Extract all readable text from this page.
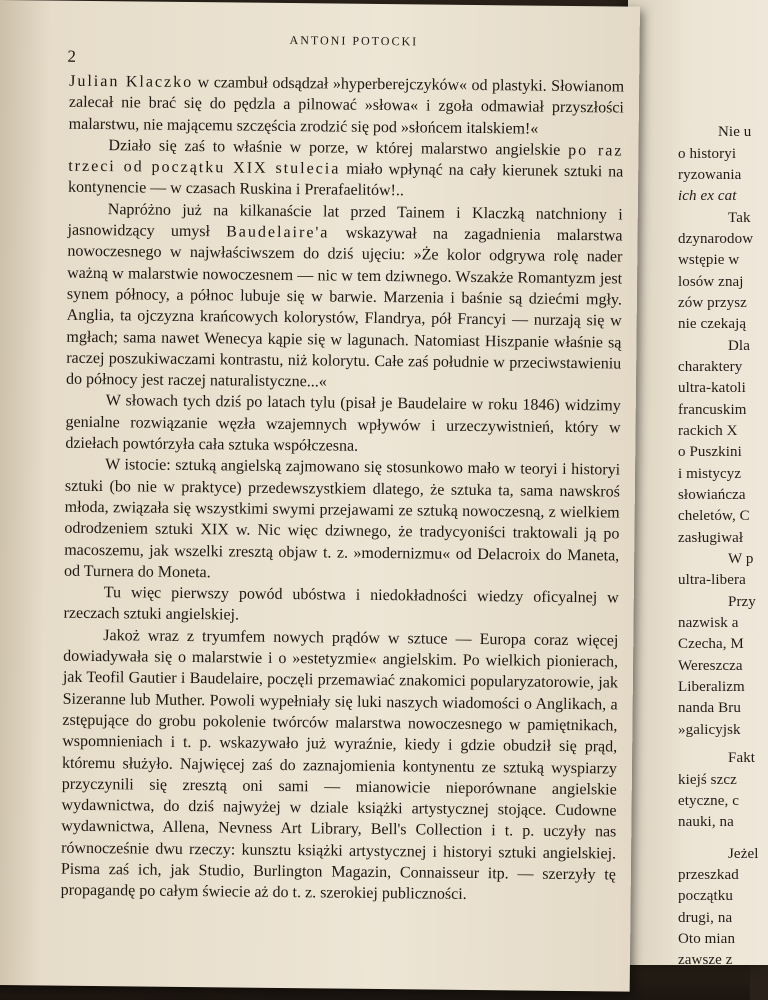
Nie u
o historyi
ryzowania
ich ex cat
Tak
dzynarodow
wstępie w
losów znaj
zów przysz
nie czekają
Dla
charaktery
ultra-katoli
francuskim
rackich X
o Puszkini
i mistycyz
słowiańcza
cheletów, C
zasługiwał
W p
ultra-libera
Przy
nazwisk a
Czecha, M
Wereszcza
Liberalizm
nanda Bru
»galicyjsk
Fakt
kiejś szcz
etyczne, c
nauki, na
Jeżel
przeszkad
początku
drugi, na
Oto mian
zawsze z
ANTONI POTOCKI
2

Julian Klaczko w czambuł odsądzał »hyperberejczyków« od plastyki. Słowianom zalecał nie brać się do pędzla a pilnować »słowa« i zgoła odmawiał przyszłości malarstwu, nie mającemu szczęścia zrodzić się pod »słońcem italskiem!«

Działo się zaś to właśnie w porze, w której malarstwo angielskie po raz trzeci od początku XIX stulecia miało wpłynąć na cały kierunek sztuki na kontynencie — w czasach Ruskina i Prerafaelitów!..

Napróżno już na kilkanaście lat przed Tainem i Klaczką natchniony i jasnowidzący umysł Baudelaire'a wskazywał na zagadnienia malarstwa nowoczesnego w najwłaściwszem do dziś ujęciu: »Że kolor odgrywa rolę nader ważną w malarstwie nowoczesnem — nic w tem dziwnego. Wszakże Romantyzm jest synem północy, a północ lubuje się w barwie. Marzenia i baśnie są dziećmi mgły. Anglia, ta ojczyzna krańcowych kolorystów, Flandrya, pół Francyi — nurzają się w mgłach; sama nawet Wenecya kąpie się w lagunach. Natomiast Hiszpanie właśnie są raczej poszukiwaczami kontrastu, niż kolorytu. Całe zaś południe w przeciwstawieniu do północy jest raczej naturalistyczne...«

W słowach tych dziś po latach tylu (pisał je Baudelaire w roku 1846) widzimy genialne rozwiązanie węzła wzajemnych wpływów i urzeczywistnień, który w dziełach powtórzyła cała sztuka współczesna.

W istocie: sztuką angielską zajmowano się stosunkowo mało w teoryi i historyi sztuki (bo nie w praktyce) przedewszystkiem dlatego, że sztuka ta, sama nawskroś młoda, związała się wszystkimi swymi przejawami ze sztuką nowoczesną, z wielkiem odrodzeniem sztuki XIX w. Nic więc dziwnego, że tradycyoniści traktowali ją po macoszemu, jak wszelki zresztą objaw t. z. »modernizmu« od Delacroix do Maneta, od Turnera do Moneta.

Tu więc pierwszy powód ubóstwa i niedokładności wiedzy oficyalnej w rzeczach sztuki angielskiej.

Jakoż wraz z tryumfem nowych prądów w sztuce — Europa coraz więcej dowiadywała się o malarstwie i o »estetyzmie« angielskim. Po wielkich pionierach, jak Teofil Gautier i Baudelaire, poczęli przemawiać znakomici popularyzatorowie, jak Sizeranne lub Muther. Powoli wypełniały się luki naszych wiadomości o Anglikach, a zstępujące do grobu pokolenie twórców malarstwa nowoczesnego w pamiętnikach, wspomnieniach i t. p. wskazywało już wyraźnie, kiedy i gdzie obudził się prąd, któremu służyło. Najwięcej zaś do zaznajomienia kontynentu ze sztuką wyspiarzy przyczynili się zresztą oni sami — mianowicie nieporównane angielskie wydawnictwa, do dziś najwyżej w dziale książki artystycznej stojące. Cudowne wydawnictwa, Allena, Nevness Art Library, Bell's Collection i t. p. uczyły nas równocześnie dwu rzeczy: kunsztu książki artystycznej i historyi sztuki angielskiej. Pisma zaś ich, jak Studio, Burlington Magazin, Connaisseur itp. — szerzyły tę propagandę po całym świecie aż do t. z. szerokiej publiczności.
